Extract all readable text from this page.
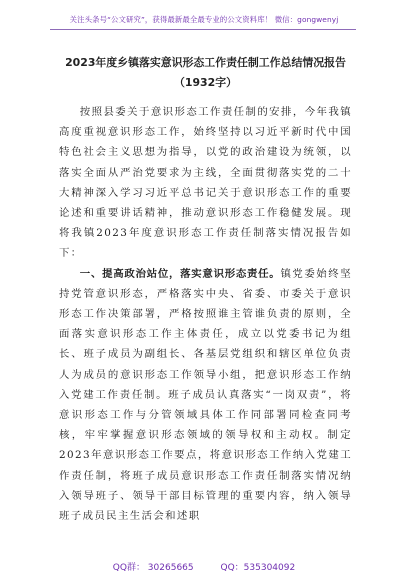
关注头条号“公文研究”，获得最新最全最专业的公文资料库！ 微信：gongwenyj
2023年度乡镇落实意识形态工作责任制工作总结情况报告
（1932字）

按照县委关于意识形态工作责任制的安排，今年我镇高度重视意识形态工作，始终坚持以习近平新时代中国特色社会主义思想为指导，以党的政治建设为统领，以落实全面从严治党要求为主线，全面贯彻落实党的二十大精神深入学习习近平总书记关于意识形态工作的重要论述和重要讲话精神，推动意识形态工作稳健发展。现将我镇2023年度意识形态工作责任制落实情况报告如下：

一、提高政治站位，落实意识形态责任。镇党委始终坚持党管意识形态，严格落实中央、省委、市委关于意识形态工作决策部署，严格按照谁主管谁负责的原则，全面落实意识形态工作主体责任，成立以党委书记为组长、班子成员为副组长、各基层党组织和辖区单位负责人为成员的意识形态工作领导小组，把意识形态工作纳入党建工作责任制。班子成员认真落实“一岗双责”，将意识形态工作与分管领域具体工作同部署同检查同考核，牢牢掌握意识形态领域的领导权和主动权。制定2023年意识形态工作要点，将意识形态工作纳入党建工作责任制，将班子成员意识形态工作责任制落实情况纳入领导班子、领导干部目标管理的重要内容，纳入领导班子成员民主生活会和述职

QQ群： 30265665	QQ：535304092
